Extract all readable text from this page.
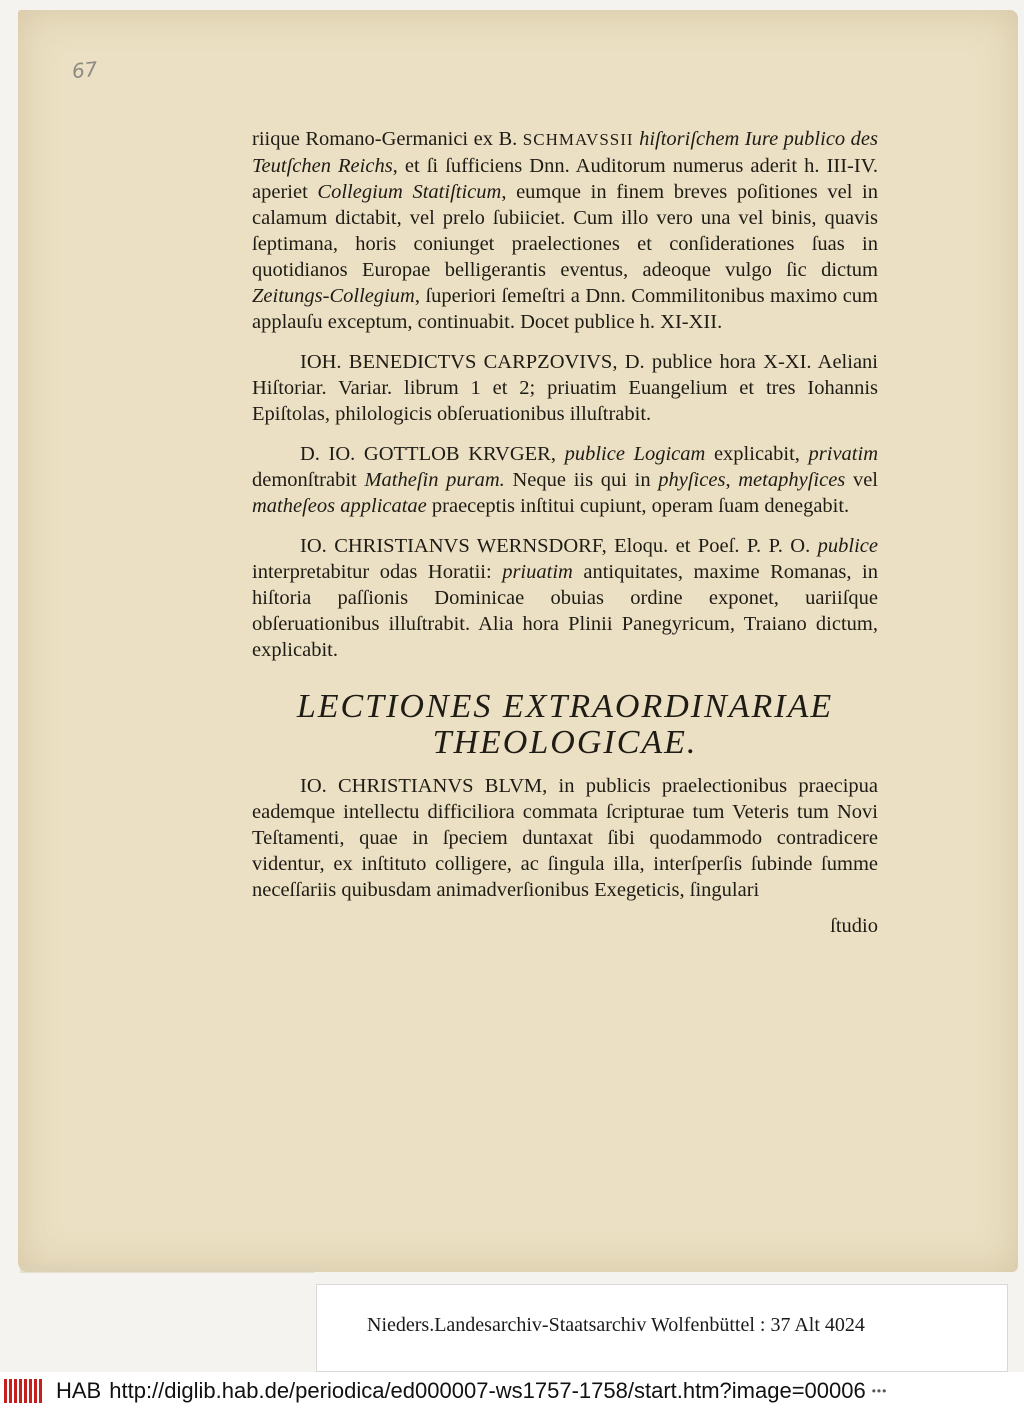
67

riique Romano-Germanici ex B. SCHMAVSSII hiſtoriſchem Iure publico des Teutſchen Reichs, et ſi ſufficiens Dnn. Auditorum numerus aderit h. III-IV. aperiet Collegium Statiſticum, eumque in finem breves poſitiones vel in calamum dictabit, vel prelo ſubiiciet. Cum illo vero una vel binis, quavis ſeptimana, horis coniunget praelectiones et conſiderationes ſuas in quotidianos Europae belligerantis eventus, adeoque vulgo ſic dictum Zeitungs-Collegium, ſuperiori ſemeſtri a Dnn. Commilitonibus maximo cum applauſu exceptum, continuabit. Docet publice h. XI-XII.

IOH. BENEDICTVS CARPZOVIVS, D. publice hora X-XI. Aeliani Hiſtoriar. Variar. librum 1 et 2; priuatim Euangelium et tres Iohannis Epiſtolas, philologicis obſeruationibus illuſtrabit.

D. IO. GOTTLOB KRVGER, publice Logicam explicabit, privatim demonſtrabit Matheſin puram. Neque iis qui in phyſices, metaphyſices vel matheſeos applicatae praeceptis inſtitui cupiunt, operam ſuam denegabit.

IO. CHRISTIANVS WERNSDORF, Eloqu. et Poeſ. P. P. O. publice interpretabitur odas Horatii: priuatim antiquitates, maxime Romanas, in hiſtoria paſſionis Dominicae obuias ordine exponet, uariiſque obſeruationibus illuſtrabit. Alia hora Plinii Panegyricum, Traiano dictum, explicabit.

LECTIONES EXTRAORDINARIAE
THEOLOGICAE.

IO. CHRISTIANVS BLVM, in publicis praelectionibus praecipua eademque intellectu difficiliora commata ſcripturae tum Veteris tum Novi Teſtamenti, quae in ſpeciem duntaxat ſibi quodammodo contradicere videntur, ex inſtituto colligere, ac ſingula illa, interſperſis ſubinde ſumme neceſſariis quibusdam animadverſionibus Exegeticis, ſingulari

ſtudio
Nieders.Landesarchiv-Staatsarchiv Wolfenbüttel : 37 Alt 4024
HAB http://diglib.hab.de/periodica/ed000007-ws1757-1758/start.htm?image=00006 •••
